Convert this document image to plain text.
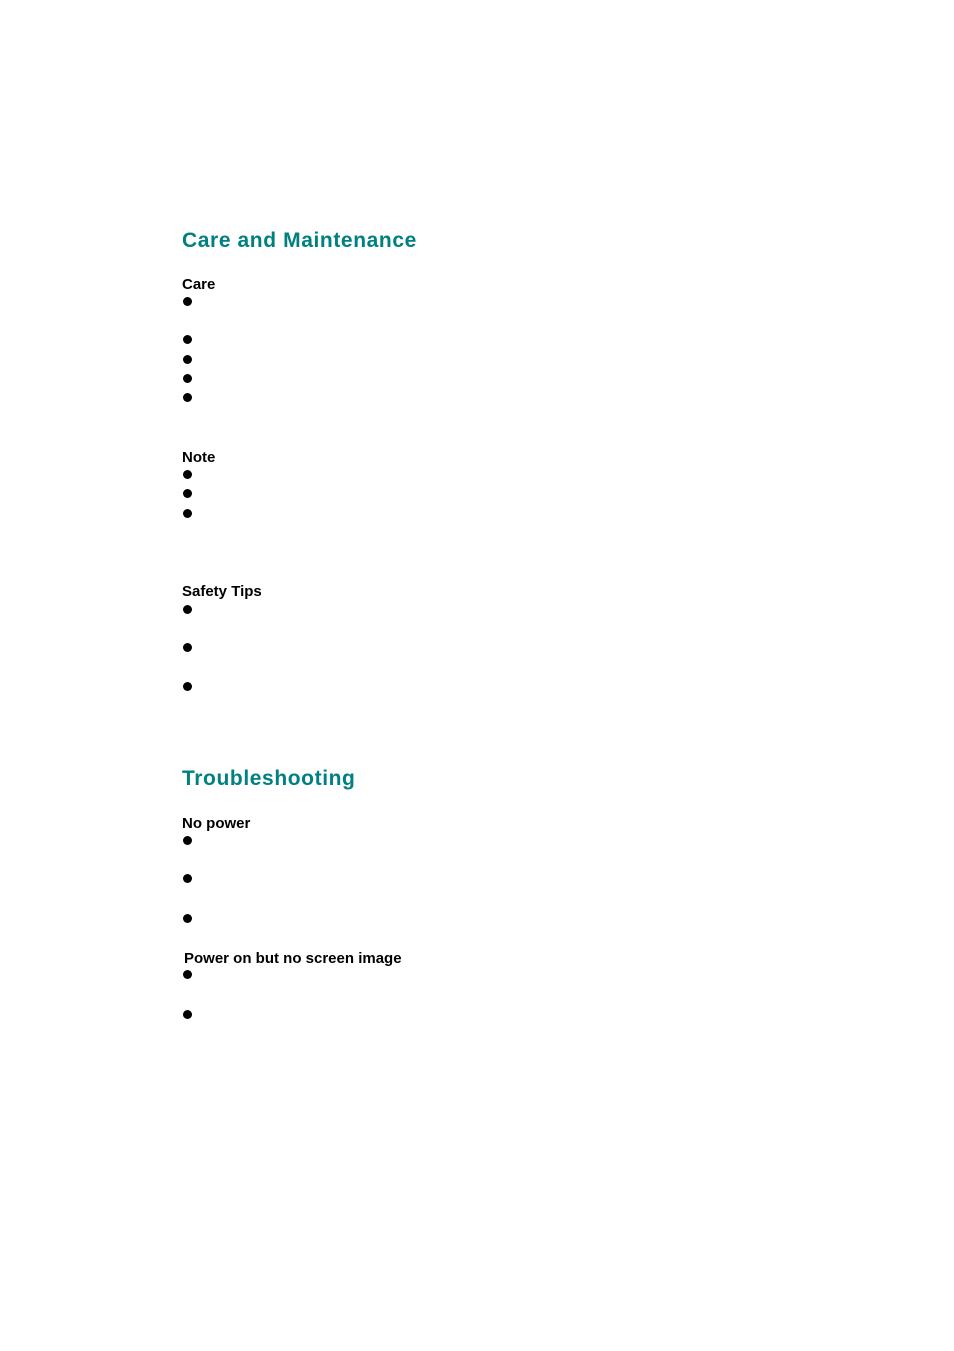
Care and Maintenance
Care
Note
Safety Tips
Troubleshooting
No power
Power on but no screen image
